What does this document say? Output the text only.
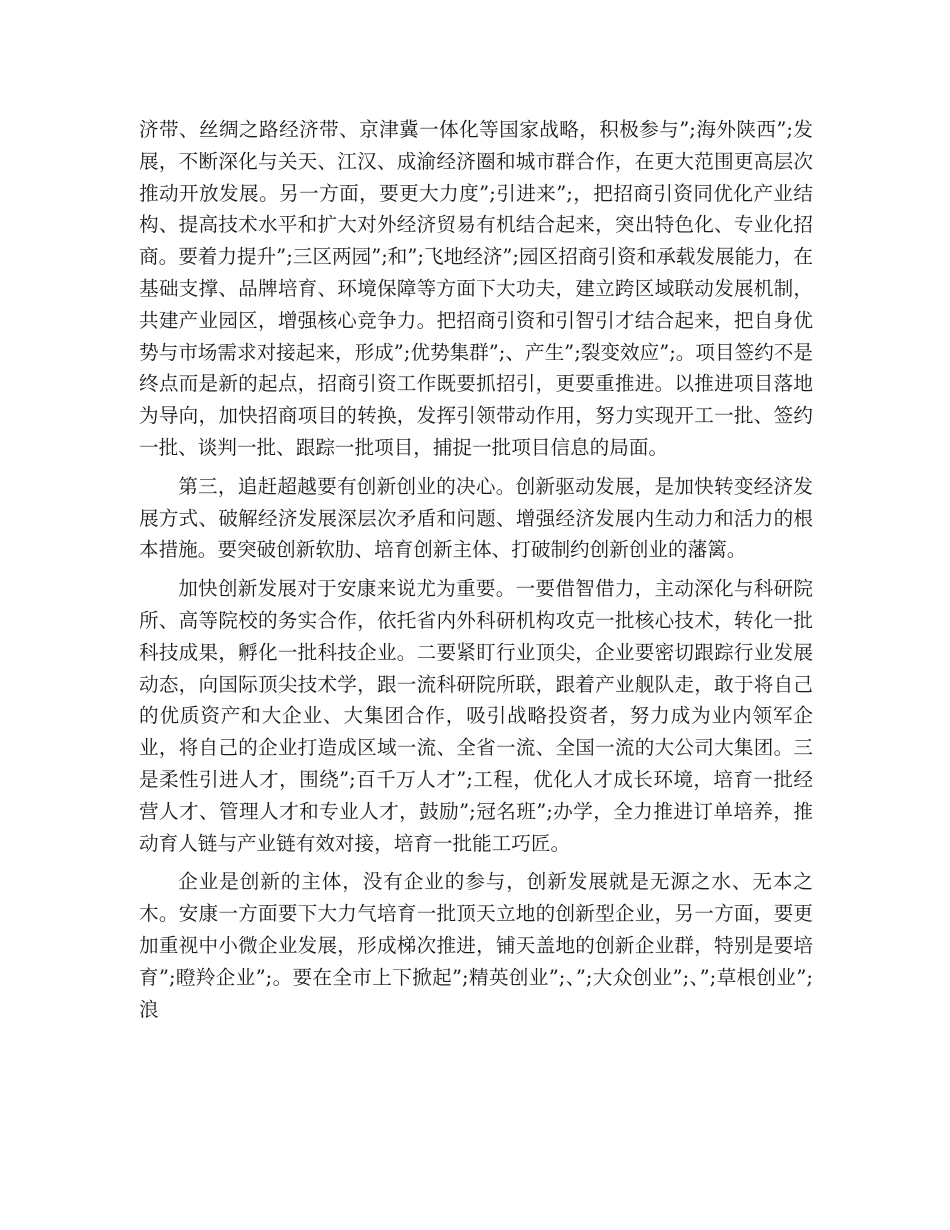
济带、丝绸之路经济带、京津冀一体化等国家战略，积极参与”;海外陕西”;发展，不断深化与关天、江汉、成渝经济圈和城市群合作，在更大范围更高层次推动开放发展。另一方面，要更大力度”;引进来”;，把招商引资同优化产业结构、提高技术水平和扩大对外经济贸易有机结合起来，突出特色化、专业化招商。要着力提升”;三区两园”;和”;飞地经济”;园区招商引资和承载发展能力，在基础支撑、品牌培育、环境保障等方面下大功夫，建立跨区域联动发展机制，共建产业园区，增强核心竞争力。把招商引资和引智引才结合起来，把自身优势与市场需求对接起来，形成”;优势集群”;、产生”;裂变效应”;。项目签约不是终点而是新的起点，招商引资工作既要抓招引，更要重推进。以推进项目落地为导向，加快招商项目的转换，发挥引领带动作用，努力实现开工一批、签约一批、谈判一批、跟踪一批项目，捕捉一批项目信息的局面。

第三，追赶超越要有创新创业的决心。创新驱动发展，是加快转变经济发展方式、破解经济发展深层次矛盾和问题、增强经济发展内生动力和活力的根本措施。要突破创新软肋、培育创新主体、打破制约创新创业的藩篱。

加快创新发展对于安康来说尤为重要。一要借智借力，主动深化与科研院所、高等院校的务实合作，依托省内外科研机构攻克一批核心技术，转化一批科技成果，孵化一批科技企业。二要紧盯行业顶尖，企业要密切跟踪行业发展动态，向国际顶尖技术学，跟一流科研院所联，跟着产业舰队走，敢于将自己的优质资产和大企业、大集团合作，吸引战略投资者，努力成为业内领军企业，将自己的企业打造成区域一流、全省一流、全国一流的大公司大集团。三是柔性引进人才，围绕”;百千万人才”;工程，优化人才成长环境，培育一批经营人才、管理人才和专业人才，鼓励”;冠名班”;办学，全力推进订单培养，推动育人链与产业链有效对接，培育一批能工巧匠。

企业是创新的主体，没有企业的参与，创新发展就是无源之水、无本之木。安康一方面要下大力气培育一批顶天立地的创新型企业，另一方面，要更加重视中小微企业发展，形成梯次推进，铺天盖地的创新企业群，特别是要培育”;瞪羚企业”;。要在全市上下掀起”;精英创业”;、”;大众创业”;、”;草根创业”;浪
